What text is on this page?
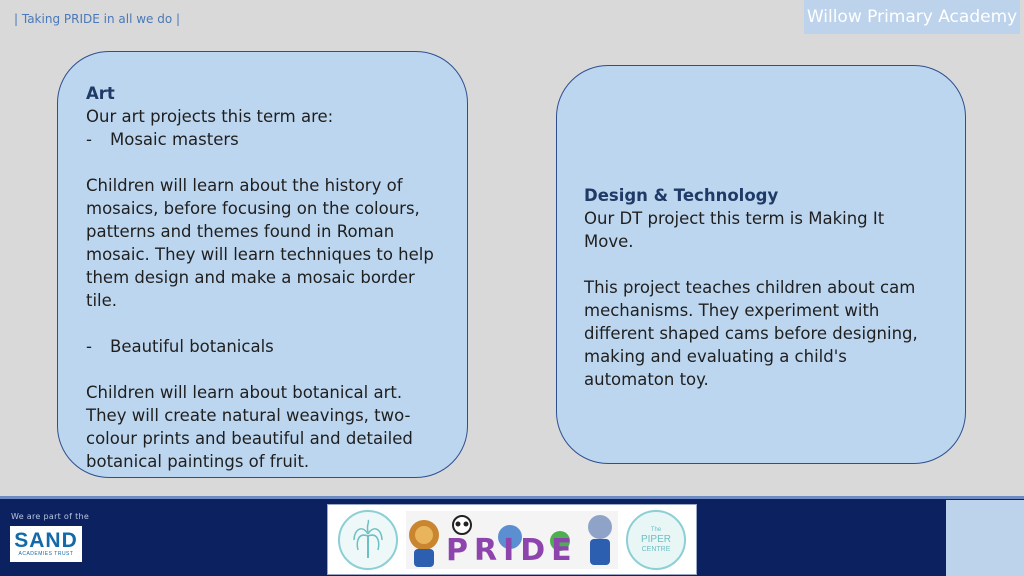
| Taking PRIDE in all we do |	Willow Primary Academy
Art
Our art projects this term are:
-	Mosaic masters
Children will learn about the history of mosaics, before focusing on the colours, patterns and themes found in Roman mosaic. They will learn techniques to help them design and make a mosaic border tile.
-	Beautiful botanicals
Children will learn about botanical art. They will create natural weavings, two-colour prints and beautiful and detailed botanical paintings of fruit.
Design & Technology
Our DT project this term is Making It Move.
This project teaches children about cam mechanisms. They experiment with different shaped cams before designing, making and evaluating a child's automaton toy.
We are part of the
SAND
ACADEMIES TRUST	PRIDE
The
PIPER
CENTRE
